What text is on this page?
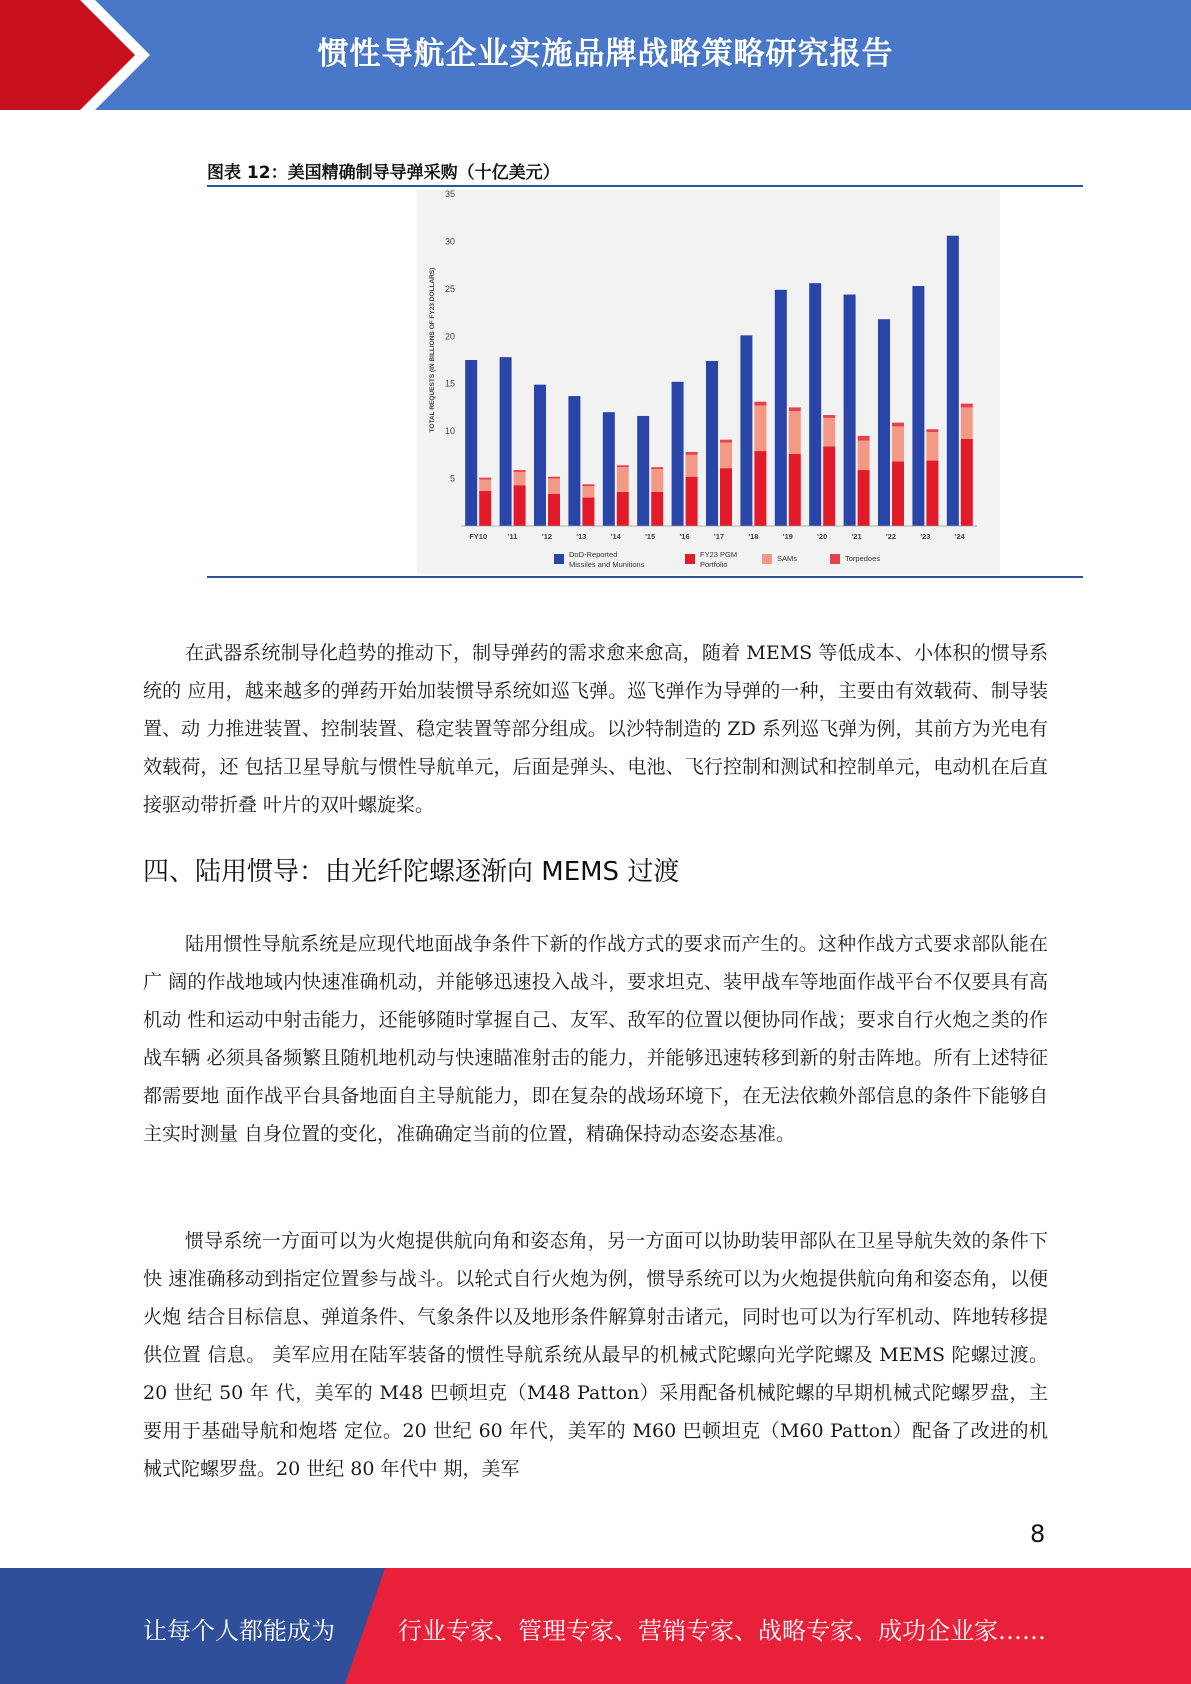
惯性导航企业实施品牌战略策略研究报告
图表 12：美国精确制导导弹采购（十亿美元）
5
10
15
20
25
30
35
FY10	'11	'12	'13	'14	'15	'16	'17	'18	'19	'20	'21	'22	'23	'24
TOTAL REQUESTS (IN BILLIONS OF FY23 DOLLARS)
DoD-Reported
Missiles and Munitions
FY23 PGM
Portfolio
SAMs	Torpedoes
在武器系统制导化趋势的推动下，制导弹药的需求愈来愈高，随着 MEMS 等低成本、小体积的惯导系统的 应用，越来越多的弹药开始加装惯导系统如巡飞弹。巡飞弹作为导弹的一种，主要由有效载荷、制导装置、动 力推进装置、控制装置、稳定装置等部分组成。以沙特制造的 ZD 系列巡飞弹为例，其前方为光电有效载荷，还 包括卫星导航与惯性导航单元，后面是弹头、电池、飞行控制和测试和控制单元，电动机在后直接驱动带折叠 叶片的双叶螺旋桨。
四、陆用惯导：由光纤陀螺逐渐向 MEMS 过渡
陆用惯性导航系统是应现代地面战争条件下新的作战方式的要求而产生的。这种作战方式要求部队能在广 阔的作战地域内快速准确机动，并能够迅速投入战斗，要求坦克、装甲战车等地面作战平台不仅要具有高机动 性和运动中射击能力，还能够随时掌握自己、友军、敌军的位置以便协同作战；要求自行火炮之类的作战车辆 必须具备频繁且随机地机动与快速瞄准射击的能力，并能够迅速转移到新的射击阵地。所有上述特征都需要地 面作战平台具备地面自主导航能力，即在复杂的战场环境下，在无法依赖外部信息的条件下能够自主实时测量 自身位置的变化，准确确定当前的位置，精确保持动态姿态基准。
惯导系统一方面可以为火炮提供航向角和姿态角，另一方面可以协助装甲部队在卫星导航失效的条件下快 速准确移动到指定位置参与战斗。以轮式自行火炮为例，惯导系统可以为火炮提供航向角和姿态角，以便火炮 结合目标信息、弹道条件、气象条件以及地形条件解算射击诸元，同时也可以为行军机动、阵地转移提供位置 信息。 美军应用在陆军装备的惯性导航系统从最早的机械式陀螺向光学陀螺及 MEMS 陀螺过渡。20 世纪 50 年 代，美军的 M48 巴顿坦克（M48 Patton）采用配备机械陀螺的早期机械式陀螺罗盘，主要用于基础导航和炮塔 定位。20 世纪 60 年代，美军的 M60 巴顿坦克（M60 Patton）配备了改进的机械式陀螺罗盘。20 世纪 80 年代中 期，美军
8
让每个人都能成为	行业专家、管理专家、营销专家、战略专家、成功企业家……
